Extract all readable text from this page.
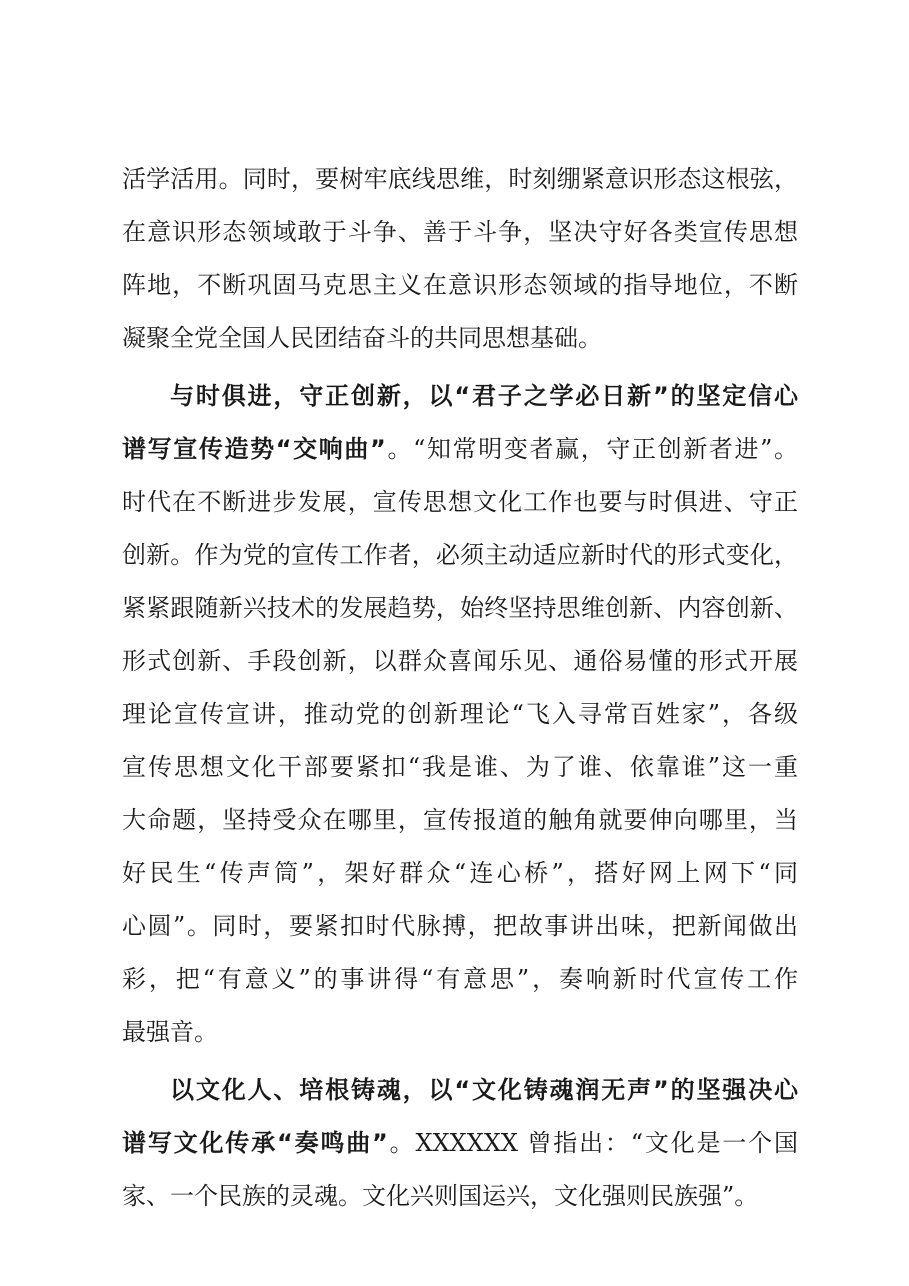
活学活用。同时，要树牢底线思维，时刻绷紧意识形态这根弦，
在意识形态领域敢于斗争、善于斗争，坚决守好各类宣传思想
阵地，不断巩固马克思主义在意识形态领域的指导地位，不断
凝聚全党全国人民团结奋斗的共同思想基础。
与时俱进，守正创新，以“君子之学必日新”的坚定信心
谱写宣传造势“交响曲”。“知常明变者赢，守正创新者进”。
时代在不断进步发展，宣传思想文化工作也要与时俱进、守正
创新。作为党的宣传工作者，必须主动适应新时代的形式变化，
紧紧跟随新兴技术的发展趋势，始终坚持思维创新、内容创新、
形式创新、手段创新，以群众喜闻乐见、通俗易懂的形式开展
理论宣传宣讲，推动党的创新理论“飞入寻常百姓家”，各级
宣传思想文化干部要紧扣“我是谁、为了谁、依靠谁”这一重
大命题，坚持受众在哪里，宣传报道的触角就要伸向哪里，当
好民生“传声筒”，架好群众“连心桥”，搭好网上网下“同
心圆”。同时，要紧扣时代脉搏，把故事讲出味，把新闻做出
彩，把“有意义”的事讲得“有意思”，奏响新时代宣传工作
最强音。
以文化人、培根铸魂，以“文化铸魂润无声”的坚强决心
谱写文化传承“奏鸣曲”。XXXXXX 曾指出：“文化是一个国
家、一个民族的灵魂。文化兴则国运兴，文化强则民族强”。
